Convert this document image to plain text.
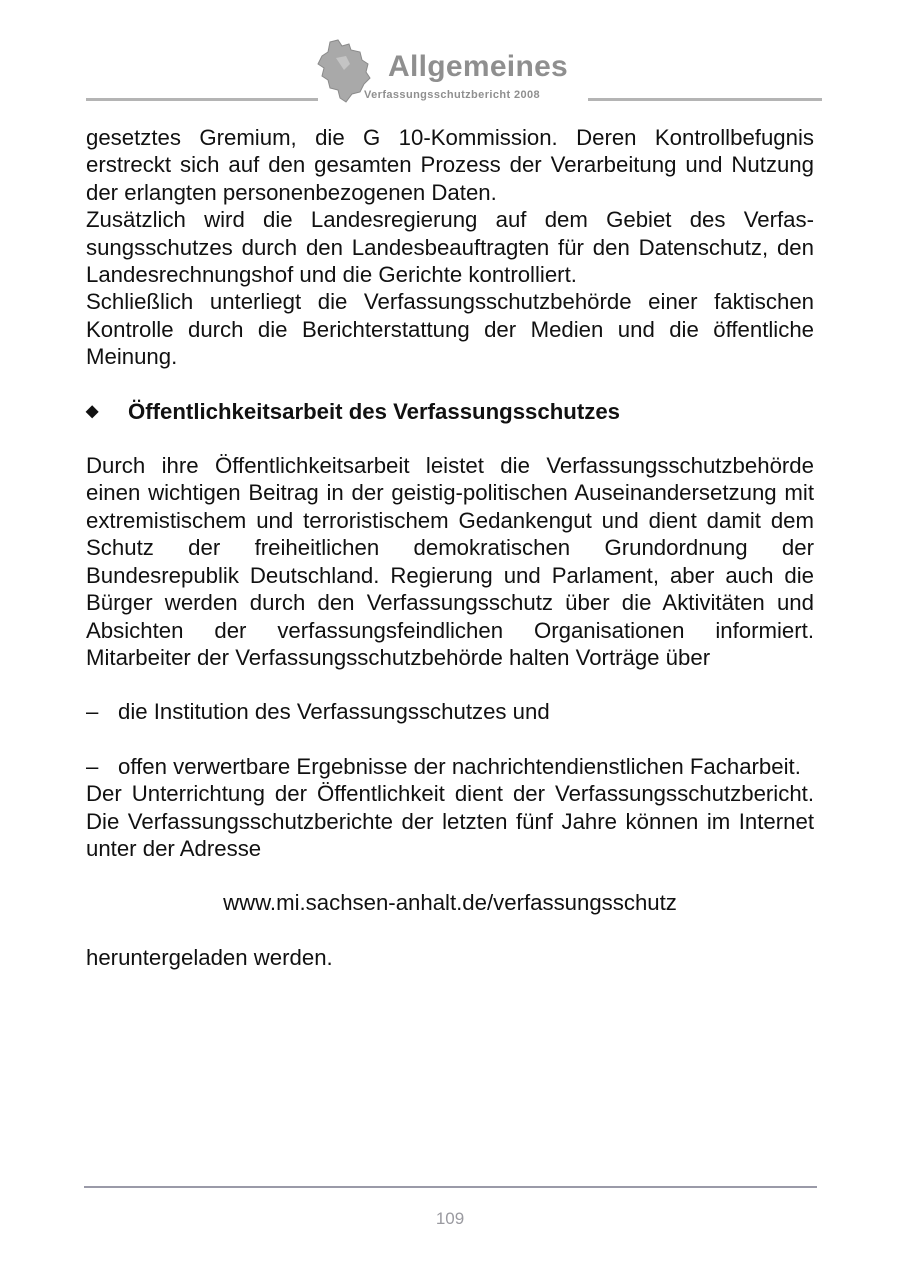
Allgemeines
Verfassungsschutzbericht 2008

gesetztes Gremium, die G 10-Kommission. Deren Kontrollbefugnis erstreckt sich auf den gesamten Prozess der Verarbeitung und Nutzung der erlangten personenbezogenen Daten.

Zusätzlich wird die Landesregierung auf dem Gebiet des Verfassungsschutzes durch den Landesbeauftragten für den Datenschutz, den Landesrechnungshof und die Gerichte kontrolliert.

Schließlich unterliegt die Verfassungsschutzbehörde einer faktischen Kontrolle durch die Berichterstattung der Medien und die öffentliche Meinung.

◆	Öffentlichkeitsarbeit des Verfassungsschutzes

Durch ihre Öffentlichkeitsarbeit leistet die Verfassungsschutzbehörde einen wichtigen Beitrag in der geistig-politischen Auseinandersetzung mit extremistischem und terroristischem Gedankengut und dient damit dem Schutz der freiheitlichen demokratischen Grundordnung der Bundesrepublik Deutschland. Regierung und Parlament, aber auch die Bürger werden durch den Verfassungsschutz über die Aktivitäten und Absichten der verfassungsfeindlichen Organisationen informiert. Mitarbeiter der Verfassungsschutzbehörde halten Vorträge über

– die Institution des Verfassungsschutzes und
– offen verwertbare Ergebnisse der nachrichtendienstlichen Facharbeit.

Der Unterrichtung der Öffentlichkeit dient der Verfassungsschutzbericht. Die Verfassungsschutzberichte der letzten fünf Jahre können im Internet unter der Adresse

www.mi.sachsen-anhalt.de/verfassungsschutz

heruntergeladen werden.

109
